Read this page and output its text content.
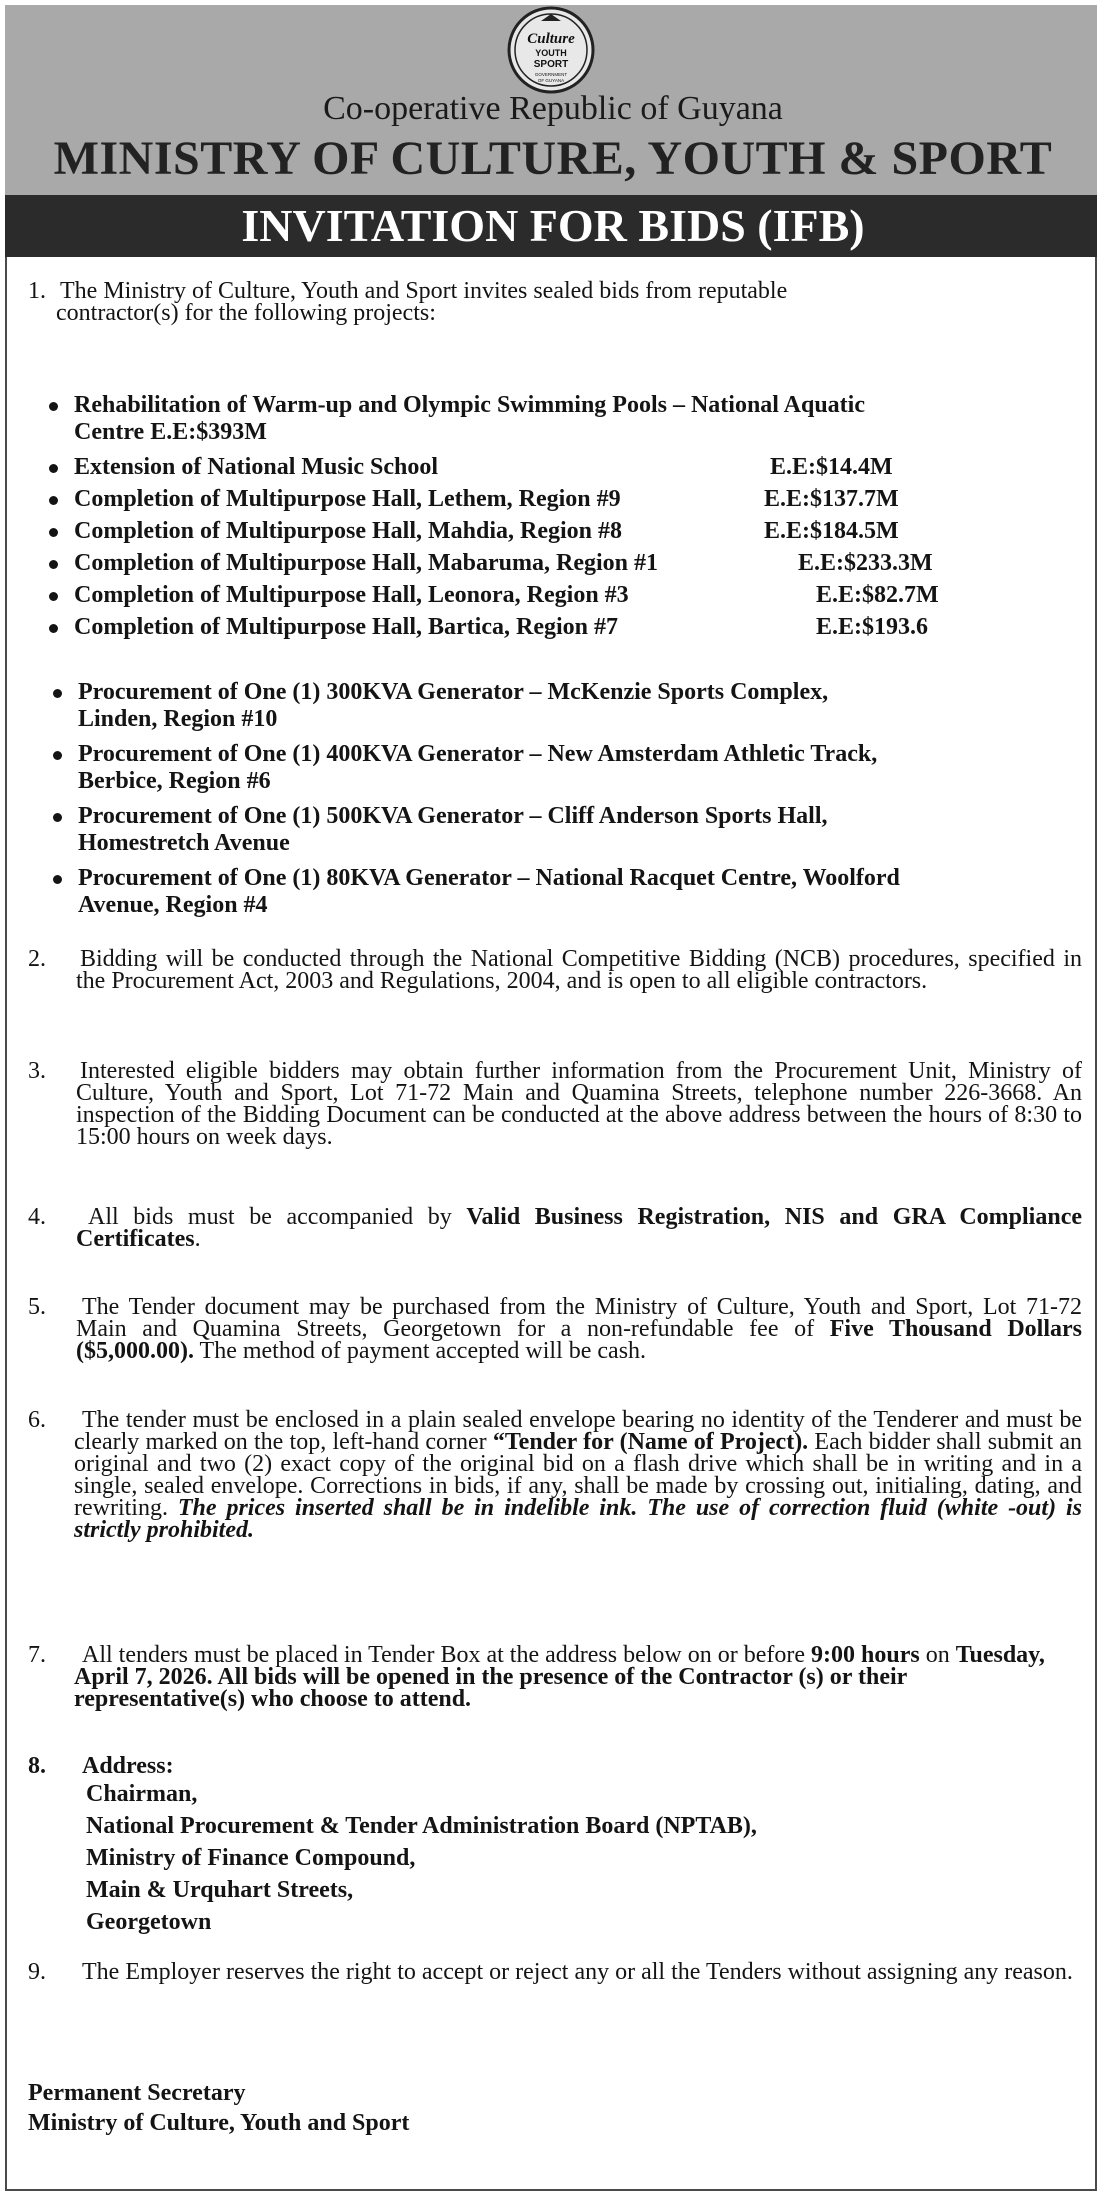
Culture
YOUTH
SPORT
GOVERNMENT
OF GUYANA
Co-operative Republic of Guyana
MINISTRY OF CULTURE, YOUTH & SPORT
INVITATION FOR BIDS (IFB)
1. The Ministry of Culture, Youth and Sport invites sealed bids from reputable
contractor(s) for the following projects:
Rehabilitation of Warm-up and Olympic Swimming Pools – National Aquatic
Centre E.E:$393M
Extension of National Music School	E.E:$14.4M
Completion of Multipurpose Hall, Lethem, Region #9	E.E:$137.7M
Completion of Multipurpose Hall, Mahdia, Region #8	E.E:$184.5M
Completion of Multipurpose Hall, Mabaruma, Region #1	E.E:$233.3M
Completion of Multipurpose Hall, Leonora, Region #3	E.E:$82.7M
Completion of Multipurpose Hall, Bartica, Region #7	E.E:$193.6
Procurement of One (1) 300KVA Generator – McKenzie Sports Complex,
Linden, Region #10
Procurement of One (1) 400KVA Generator – New Amsterdam Athletic Track,
Berbice, Region #6
Procurement of One (1) 500KVA Generator – Cliff Anderson Sports Hall,
Homestretch Avenue
Procurement of One (1) 80KVA Generator – National Racquet Centre, Woolford
Avenue, Region #4
2. Bidding will be conducted through the National Competitive Bidding (NCB) procedures, specified in the Procurement Act, 2003 and Regulations, 2004, and is open to all eligible contractors.
3. Interested eligible bidders may obtain further information from the Procurement Unit, Ministry of Culture, Youth and Sport, Lot 71-72 Main and Quamina Streets, telephone number 226-3668. An inspection of the Bidding Document can be conducted at the above address between the hours of 8:30 to 15:00 hours on week days.
4.	All bids must be accompanied by Valid Business Registration, NIS and GRA Compliance Certificates.
5. The Tender document may be purchased from the Ministry of Culture, Youth and Sport, Lot 71-72 Main and Quamina Streets, Georgetown for a non-refundable fee of Five Thousand Dollars ($5,000.00). The method of payment accepted will be cash.
6.	The tender must be enclosed in a plain sealed envelope bearing no identity of the Tenderer and must be clearly marked on the top, left-hand corner “Tender for (Name of Project). Each bidder shall submit an original and two (2) exact copy of the original bid on a flash drive which shall be in writing and in a single, sealed envelope. Corrections in bids, if any, shall be made by crossing out, initialing, dating, and rewriting. The prices inserted shall be in indelible ink. The use of correction fluid (white -out) is strictly prohibited.
7.	All tenders must be placed in Tender Box at the address below on or before 9:00 hours on Tuesday, April 7, 2026. All bids will be opened in the presence of the Contractor (s) or their representative(s) who choose to attend.
8. Address:
Chairman,
National Procurement & Tender Administration Board (NPTAB),
Ministry of Finance Compound,
Main & Urquhart Streets,
Georgetown
9.	The Employer reserves the right to accept or reject any or all the Tenders without assigning any reason.
Permanent Secretary
Ministry of Culture, Youth and Sport
